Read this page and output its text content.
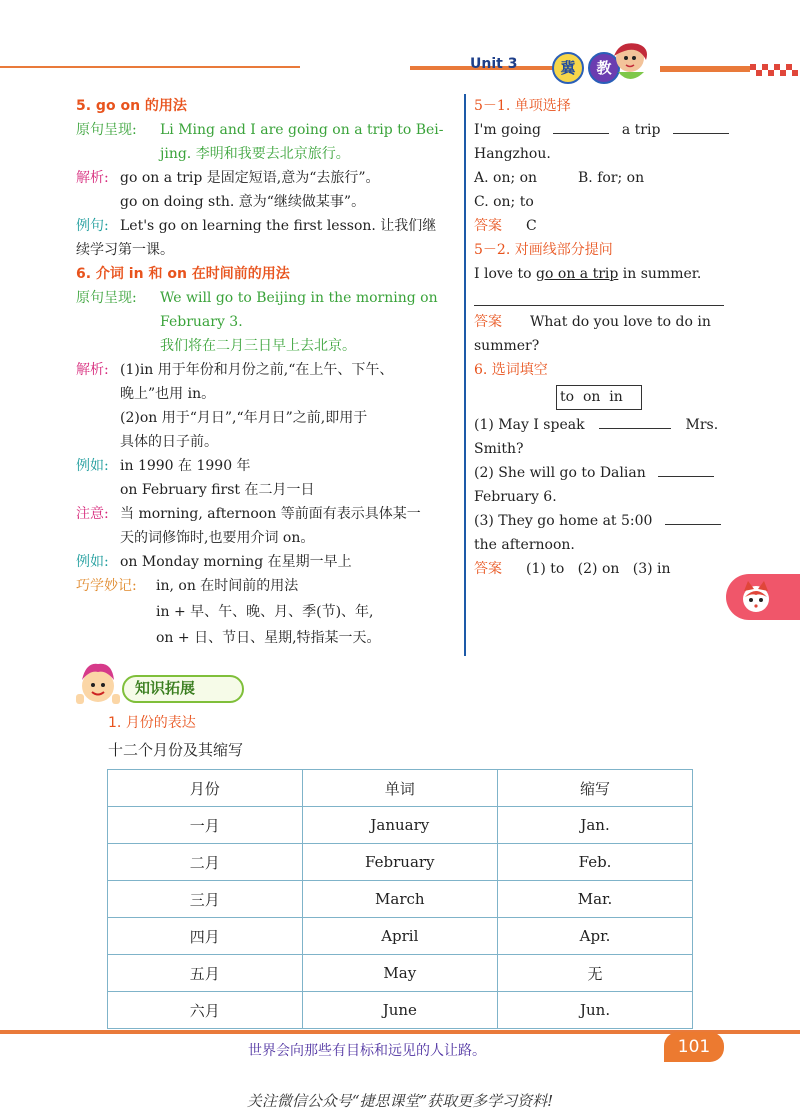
Unit 3	冀	教
5. go on 的用法
原句呈现: Li Ming and I are going on a trip to Bei-
jing. 李明和我要去北京旅行。
解析: go on a trip 是固定短语,意为“去旅行”。
go on doing sth. 意为“继续做某事”。
例句: Let's go on learning the first lesson. 让我们继
续学习第一课。
6. 介词 in 和 on 在时间前的用法
原句呈现: We will go to Beijing in the morning on
February 3.
我们将在二月三日早上去北京。
解析: (1)in 用于年份和月份之前,“在上午、下午、
晚上”也用 in。
(2)on 用于“月日”,“年月日”之前,即用于
具体的日子前。
例如: in 1990 在 1990 年
on February first 在二月一日
注意: 当 morning, afternoon 等前面有表示具体某一
天的词修饰时,也要用介词 on。
例如: on Monday morning 在星期一早上
巧学妙记: in, on 在时间前的用法
in + 早、午、晚、月、季(节)、年,
on + 日、节日、星期,特指某一天。
5－1. 单项选择
I'm going	a trip
Hangzhou.
A. on; on	B. for; on
C. on; to
答案 C
5－2. 对画线部分提问
I love to go on a trip in summer.
答案 What do you love to do in
summer?
6. 选词填空
to  on  in
(1) May I speak	Mrs.
Smith?
(2) She will go to Dalian
February 6.
(3) They go home at 5:00
the afternoon.
答案 (1) to   (2) on   (3) in
知识拓展
1. 月份的表达
十二个月份及其缩写
月份	单词	缩写
一月	January	Jan.
二月	February	Feb.
三月	March	Mar.
四月	April	Apr.
五月	May	无
六月	June	Jun.
世界会向那些有目标和远见的人让路。	101
关注微信公众号“捷思课堂”获取更多学习资料!
